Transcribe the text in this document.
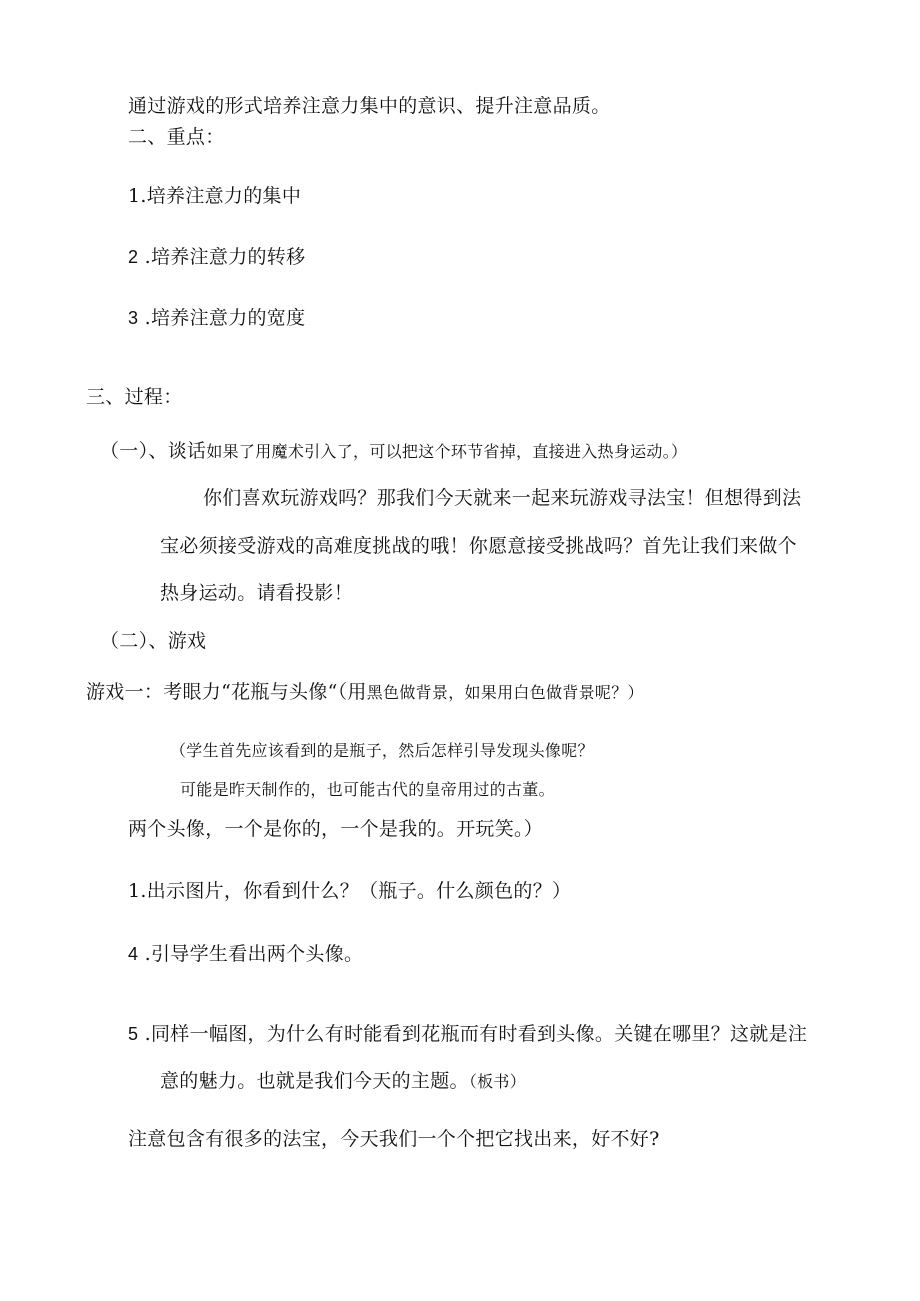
通过游戏的形式培养注意力集中的意识、提升注意品质。
二、重点：
1.培养注意力的集中
2 .培养注意力的转移
3 .培养注意力的宽度
三、过程：
（一）、谈话如果了用魔术引入了，可以把这个环节省掉，直接进入热身运动。）
你们喜欢玩游戏吗？那我们今天就来一起来玩游戏寻法宝！但想得到法
宝必须接受游戏的高难度挑战的哦！你愿意接受挑战吗？首先让我们来做个
热身运动。请看投影！
（二）、游戏
游戏一：考眼力“花瓶与头像“（用黑色做背景，如果用白色做背景呢？）
（学生首先应该看到的是瓶子，然后怎样引导发现头像呢？
可能是昨天制作的，也可能古代的皇帝用过的古董。
两个头像，一个是你的，一个是我的。开玩笑。）
1.出示图片，你看到什么？（瓶子。什么颜色的？）
4 .引导学生看出两个头像。
5 .同样一幅图，为什么有时能看到花瓶而有时看到头像。关键在哪里？这就是注
意的魅力。也就是我们今天的主题。（板书）
注意包含有很多的法宝，今天我们一个个把它找出来，好不好?
